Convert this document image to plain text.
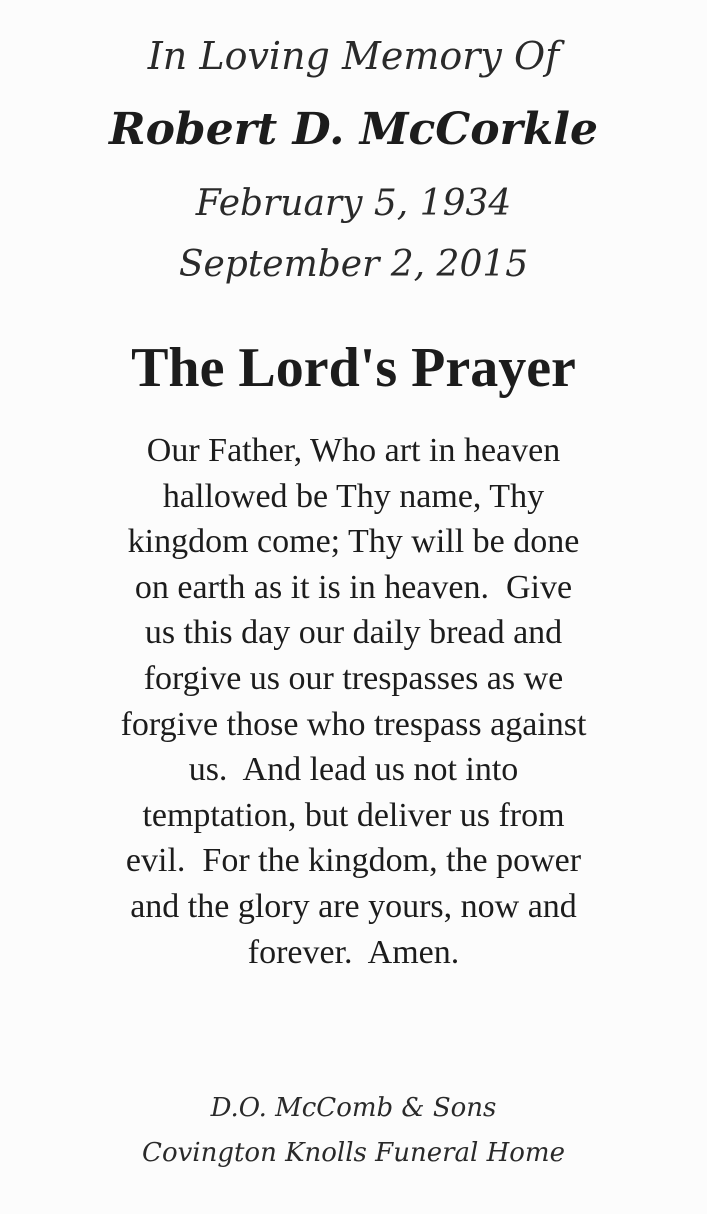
In Loving Memory Of

Robert D. McCorkle

February 5, 1934

September 2, 2015

The Lord's Prayer
Our Father, Who art in heaven
hallowed be Thy name, Thy
kingdom come; Thy will be done
on earth as it is in heaven.  Give
us this day our daily bread and
forgive us our trespasses as we
forgive those who trespass against
us.  And lead us not into
temptation, but deliver us from
evil.  For the kingdom, the power
and the glory are yours, now and
forever.  Amen.

D.O. McComb & Sons

Covington Knolls Funeral Home
